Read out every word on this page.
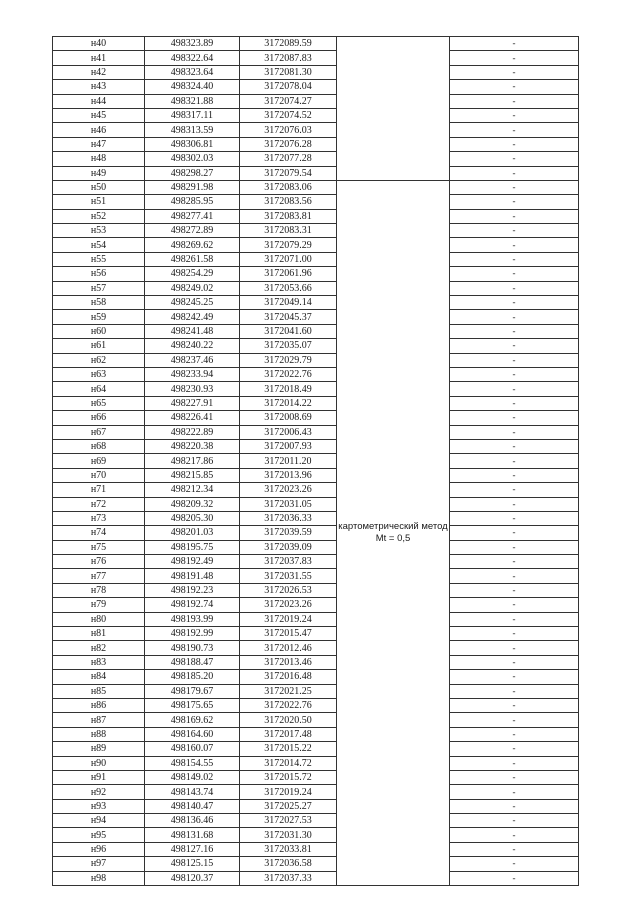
н40	498323.89	3172089.59		-
н41	498322.64	3172087.83		-
н42	498323.64	3172081.30		-
н43	498324.40	3172078.04		-
н44	498321.88	3172074.27		-
н45	498317.11	3172074.52		-
н46	498313.59	3172076.03		-
н47	498306.81	3172076.28		-
н48	498302.03	3172077.28		-
н49	498298.27	3172079.54		-
н50	498291.98	3172083.06	картометрический метод Mt = 0,5	-
н51	498285.95	3172083.56		-
н52	498277.41	3172083.81		-
н53	498272.89	3172083.31		-
н54	498269.62	3172079.29		-
н55	498261.58	3172071.00		-
н56	498254.29	3172061.96		-
н57	498249.02	3172053.66		-
н58	498245.25	3172049.14		-
н59	498242.49	3172045.37		-
н60	498241.48	3172041.60		-
н61	498240.22	3172035.07		-
н62	498237.46	3172029.79		-
н63	498233.94	3172022.76		-
н64	498230.93	3172018.49		-
н65	498227.91	3172014.22		-
н66	498226.41	3172008.69		-
н67	498222.89	3172006.43		-
н68	498220.38	3172007.93		-
н69	498217.86	3172011.20		-
н70	498215.85	3172013.96		-
н71	498212.34	3172023.26		-
н72	498209.32	3172031.05		-
н73	498205.30	3172036.33		-
н74	498201.03	3172039.59		-
н75	498195.75	3172039.09		-
н76	498192.49	3172037.83		-
н77	498191.48	3172031.55		-
н78	498192.23	3172026.53		-
н79	498192.74	3172023.26		-
н80	498193.99	3172019.24		-
н81	498192.99	3172015.47		-
н82	498190.73	3172012.46		-
н83	498188.47	3172013.46		-
н84	498185.20	3172016.48		-
н85	498179.67	3172021.25		-
н86	498175.65	3172022.76		-
н87	498169.62	3172020.50		-
н88	498164.60	3172017.48		-
н89	498160.07	3172015.22		-
н90	498154.55	3172014.72		-
н91	498149.02	3172015.72		-
н92	498143.74	3172019.24		-
н93	498140.47	3172025.27		-
н94	498136.46	3172027.53		-
н95	498131.68	3172031.30		-
н96	498127.16	3172033.81		-
н97	498125.15	3172036.58		-
н98	498120.37	3172037.33		-
